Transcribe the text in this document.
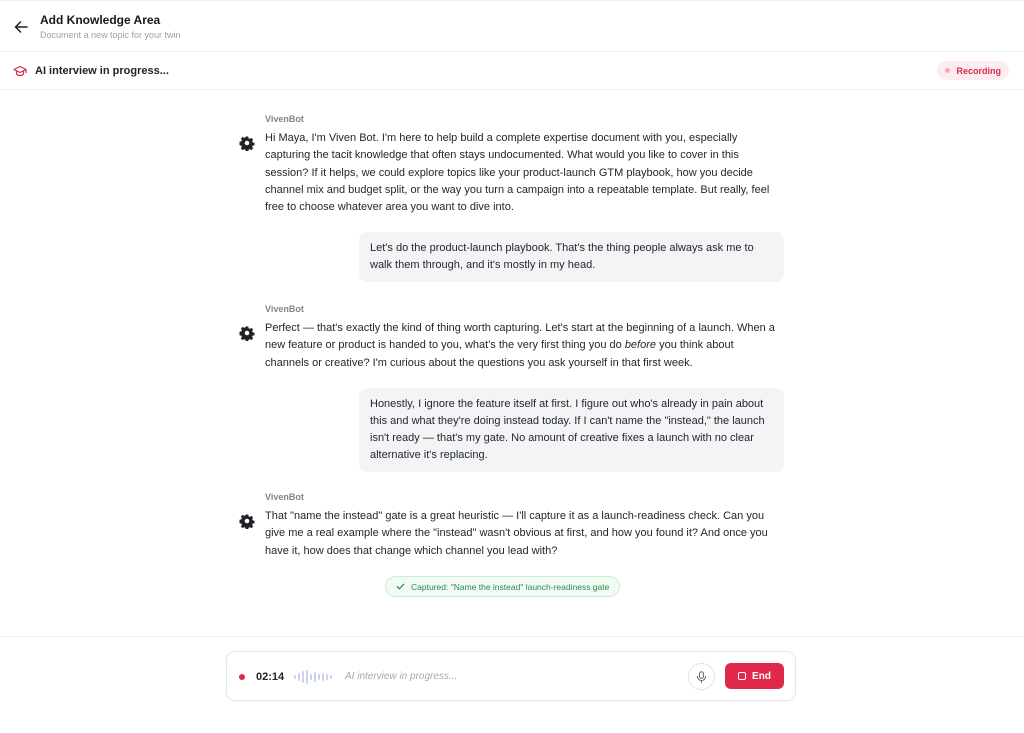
Add Knowledge Area
Document a new topic for your twin
AI interview in progress...	Recording
VivenBot
Hi Maya, I'm Viven Bot. I'm here to help build a complete expertise document with you, especially capturing the tacit knowledge that often stays undocumented. What would you like to cover in this session? If it helps, we could explore topics like your product-launch GTM playbook, how you decide channel mix and budget split, or the way you turn a campaign into a repeatable template. But really, feel free to choose whatever area you want to dive into.
Let's do the product-launch playbook. That's the thing people always ask me to walk them through, and it's mostly in my head.
VivenBot
Perfect — that's exactly the kind of thing worth capturing. Let's start at the beginning of a launch. When a new feature or product is handed to you, what's the very first thing you do before you think about channels or creative? I'm curious about the questions you ask yourself in that first week.
Honestly, I ignore the feature itself at first. I figure out who's already in pain about this and what they're doing instead today. If I can't name the "instead," the launch isn't ready — that's my gate. No amount of creative fixes a launch with no clear alternative it's replacing.
VivenBot
That "name the instead" gate is a great heuristic — I'll capture it as a launch-readiness check. Can you give me a real example where the "instead" wasn't obvious at first, and how you found it? And once you have it, how does that change which channel you lead with?
Captured: "Name the instead" launch-readiness gate
02:14	AI interview in progress...	End
